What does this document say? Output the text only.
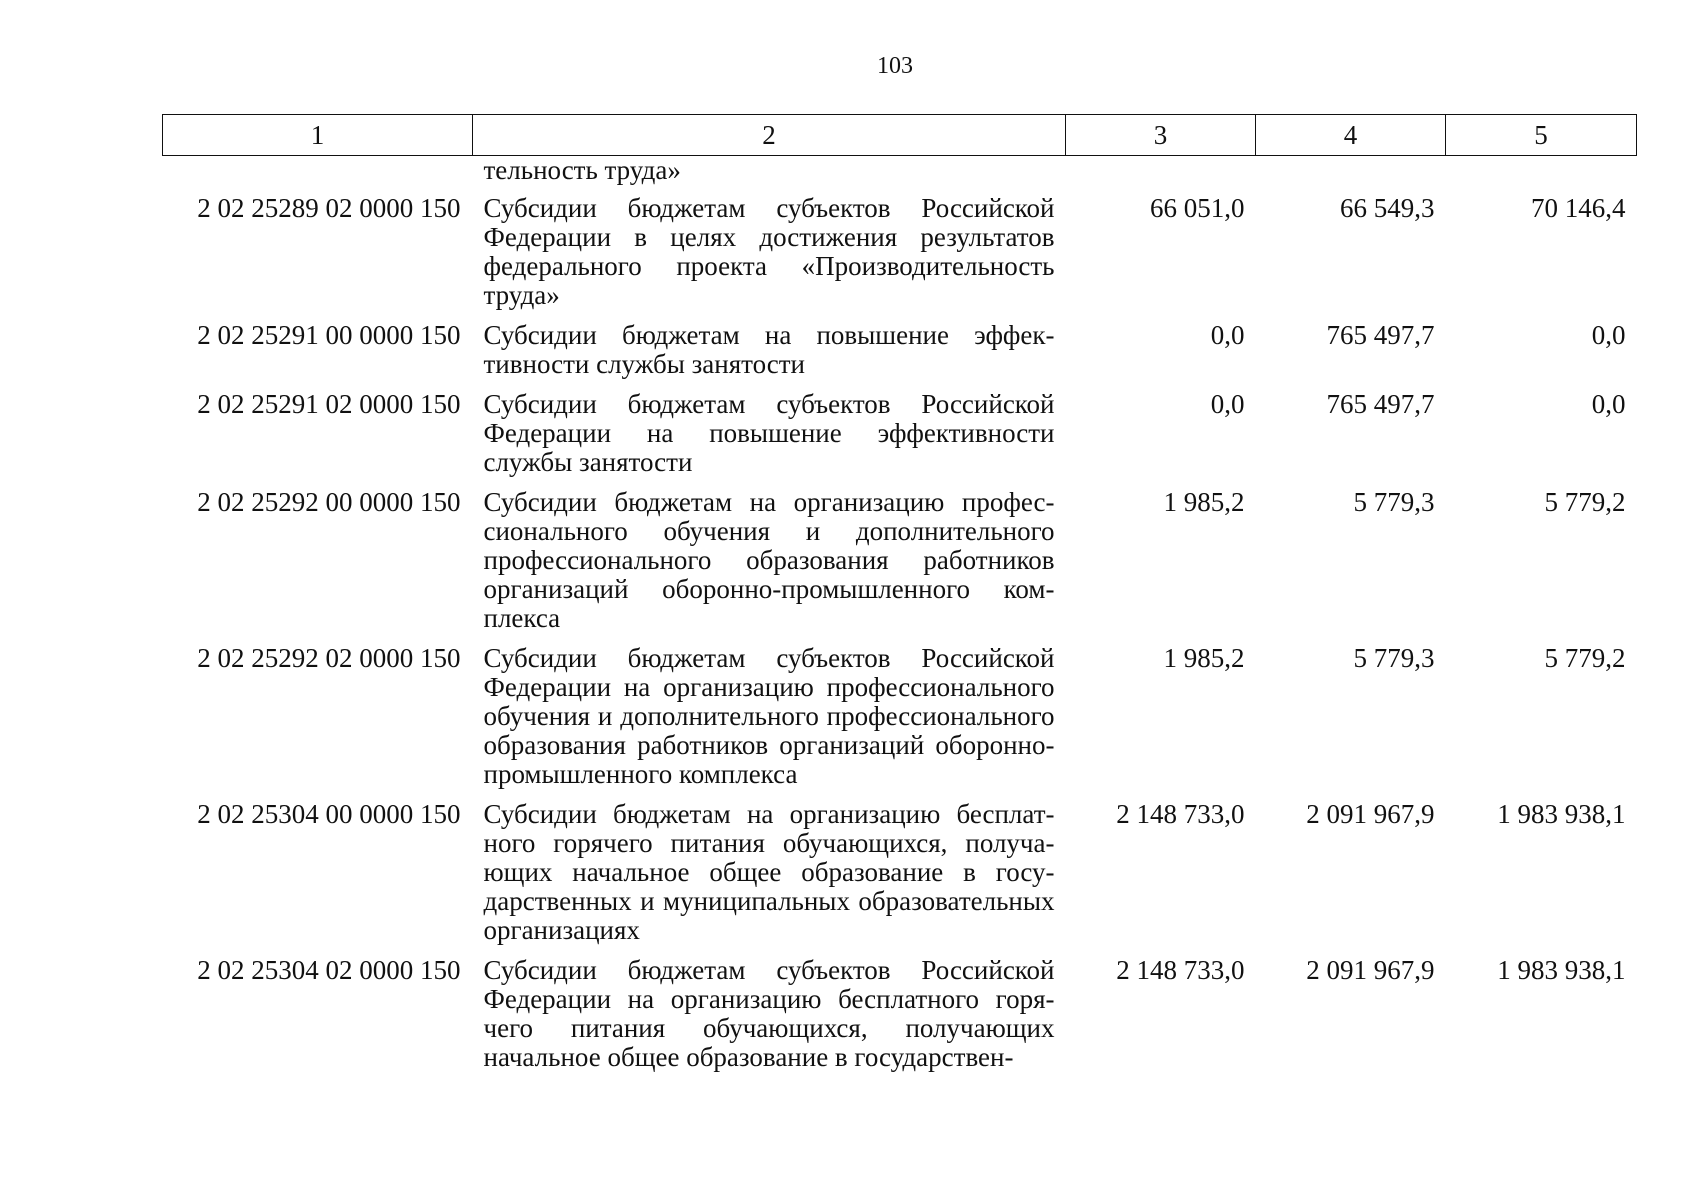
103
1	2	3	4	5
	тельность труда»			
2 02 25289 02 0000 150	Субсидии бюджетам субъектов Российской Федерации в целях достижения результатов федерального проекта «Производительность труда»	66 051,0	66 549,3	70 146,4
2 02 25291 00 0000 150	Субсидии бюджетам на повышение эффективности службы занятости	0,0	765 497,7	0,0
2 02 25291 02 0000 150	Субсидии бюджетам субъектов Российской Федерации на повышение эффективности службы занятости	0,0	765 497,7	0,0
2 02 25292 00 0000 150	Субсидии бюджетам на организацию профессионального обучения и дополнительного профессионального образования работников организаций оборонно-промышленного комплекса	1 985,2	5 779,3	5 779,2
2 02 25292 02 0000 150	Субсидии бюджетам субъектов Российской Федерации на организацию профессионального обучения и дополнительного профессионального образования работников организаций оборонно-промышленного комплекса	1 985,2	5 779,3	5 779,2
2 02 25304 00 0000 150	Субсидии бюджетам на организацию бесплатного горячего питания обучающихся, получающих начальное общее образование в государственных и муниципальных образовательных организациях	2 148 733,0	2 091 967,9	1 983 938,1
2 02 25304 02 0000 150	Субсидии бюджетам субъектов Российской Федерации на организацию бесплатного горячего питания обучающихся, получающих начальное общее образование в государствен-	2 148 733,0	2 091 967,9	1 983 938,1
